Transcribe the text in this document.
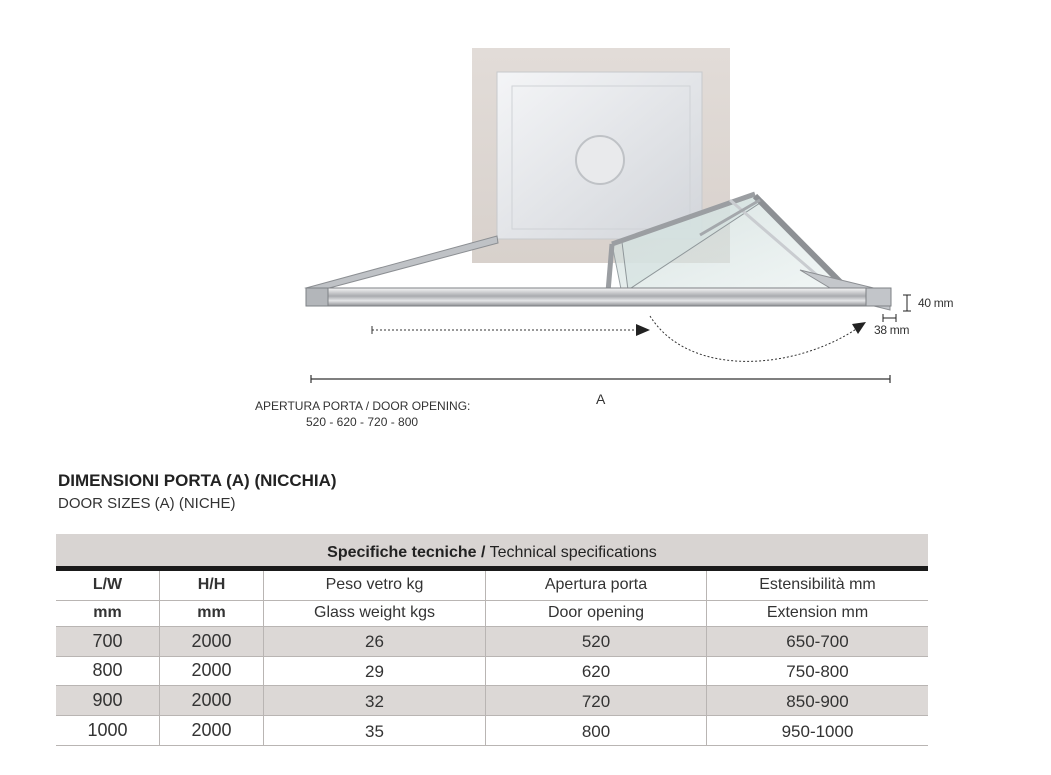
40 mm
38 mm
A
APERTURA PORTA / DOOR OPENING:
520 - 620 - 720 - 800
DIMENSIONI PORTA (A) (NICCHIA)
DOOR SIZES (A) (NICHE)
Specifiche tecniche / Technical specifications
L/W	H/H	Peso vetro kg	Apertura porta	Estensibilità mm
mm	mm	Glass weight kgs	Door opening	Extension mm
700	2000	26	520	650-700
800	2000	29	620	750-800
900	2000	32	720	850-900
1000	2000	35	800	950-1000
